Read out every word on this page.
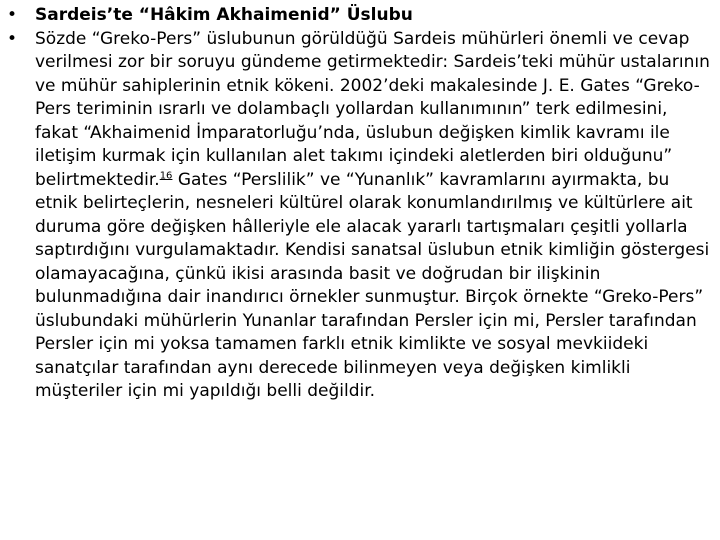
•	Sardeis’te “Hâkim Akhaimenid” Üslubu
•	Sözde “Greko-Pers” üslubunun görüldüğü Sardeis mühürleri önemli ve cevap verilmesi zor bir soruyu gündeme getirmektedir: Sardeis’teki mühür ustalarının ve mühür sahiplerinin etnik kökeni. 2002’deki makalesinde J. E. Gates “Greko-Pers teriminin ısrarlı ve dolambaçlı yollardan kullanımının” terk edilmesini, fakat “Akhaimenid İmparatorluğu’nda, üslubun değişken kimlik kavramı ile iletişim kurmak için kullanılan alet takımı içindeki aletlerden biri olduğunu” belirtmektedir.$^{16}$ Gates “Perslilik” ve “Yunanlık” kavramlarını ayırmakta, bu etnik belirteçlerin, nesneleri kültürel olarak konumlandırılmış ve kültürlere ait duruma göre değişken hâlleriyle ele alacak yararlı tartışmaları çeşitli yollarla saptırdığını vurgulamaktadır. Kendisi sanatsal üslubun etnik kimliğin göstergesi olamayacağına, çünkü ikisi arasında basit ve doğrudan bir ilişkinin bulunmadığına dair inandırıcı örnekler sunmuştur. Birçok örnekte “Greko-Pers” üslubundaki mühürlerin Yunanlar tarafından Persler için mi, Persler tarafından Persler için mi yoksa tamamen farklı etnik kimlikte ve sosyal mevkiideki sanatçılar tarafından aynı derecede bilinmeyen veya değişken kimlikli müşteriler için mi yapıldığı belli değildir.
